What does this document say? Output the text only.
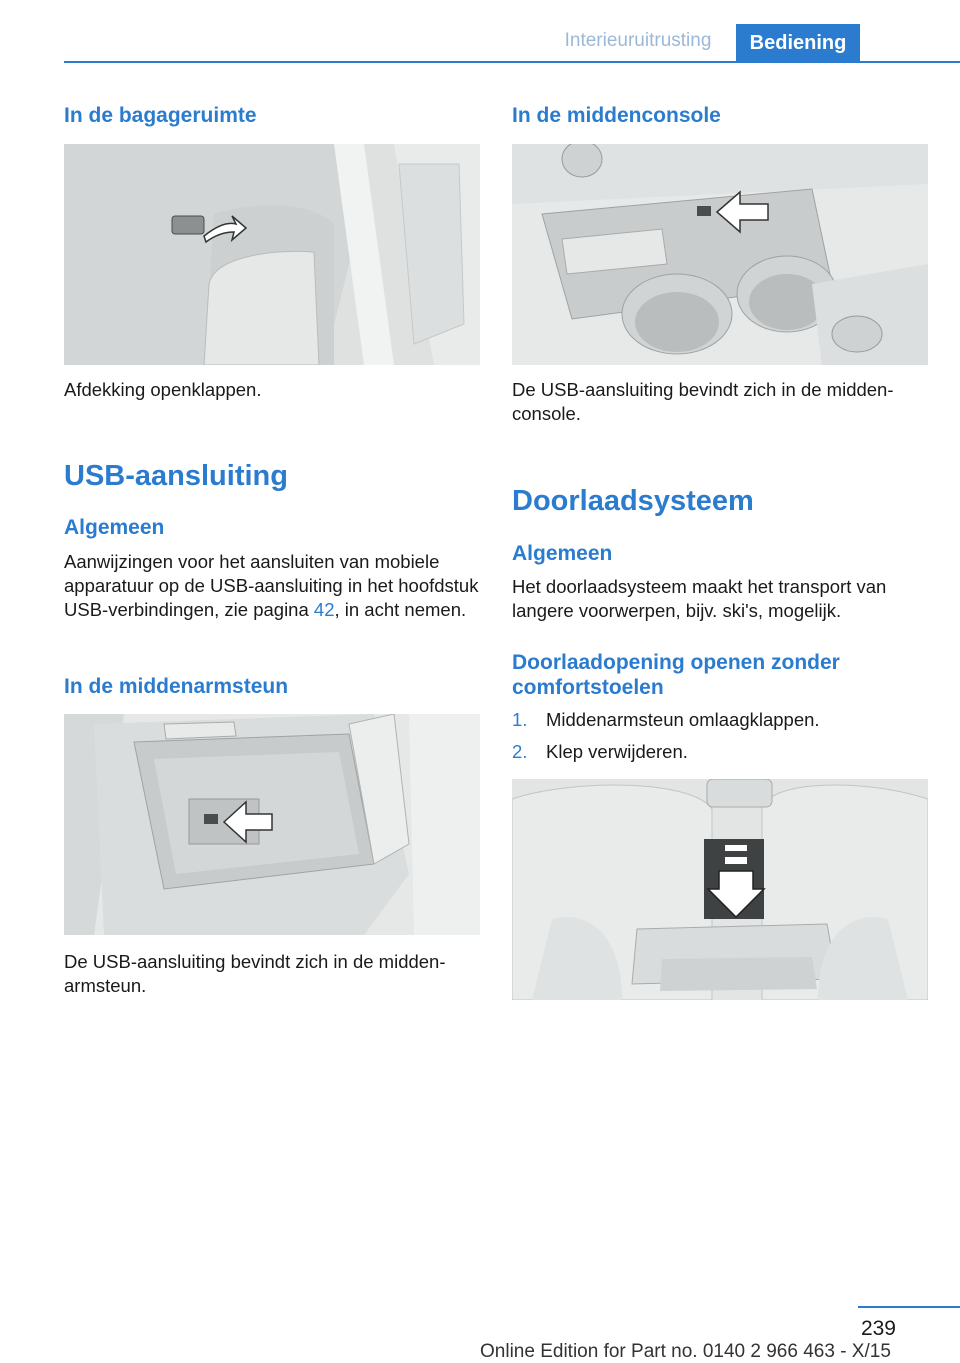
Interieuruitrusting	Bediening
In de bagageruimte
Afdekking openklappen.
USB-aansluiting
Algemeen
Aanwijzingen voor het aansluiten van mobiele apparatuur op de USB-aansluiting in het hoofdstuk USB-verbindingen, zie pagina 42, in acht nemen.
In de middenarmsteun
De USB-aansluiting bevindt zich in de midden-
armsteun.
In de middenconsole
De USB-aansluiting bevindt zich in de midden-
console.
Doorlaadsysteem
Algemeen
Het doorlaadsysteem maakt het transport van langere voorwerpen, bijv. ski's, mogelijk.
Doorlaadopening openen zonder
comfortstoelen
1. Middenarmsteun omlaagklappen.
2. Klep verwijderen.
239
Online Edition for Part no. 0140 2 966 463 - X/15
